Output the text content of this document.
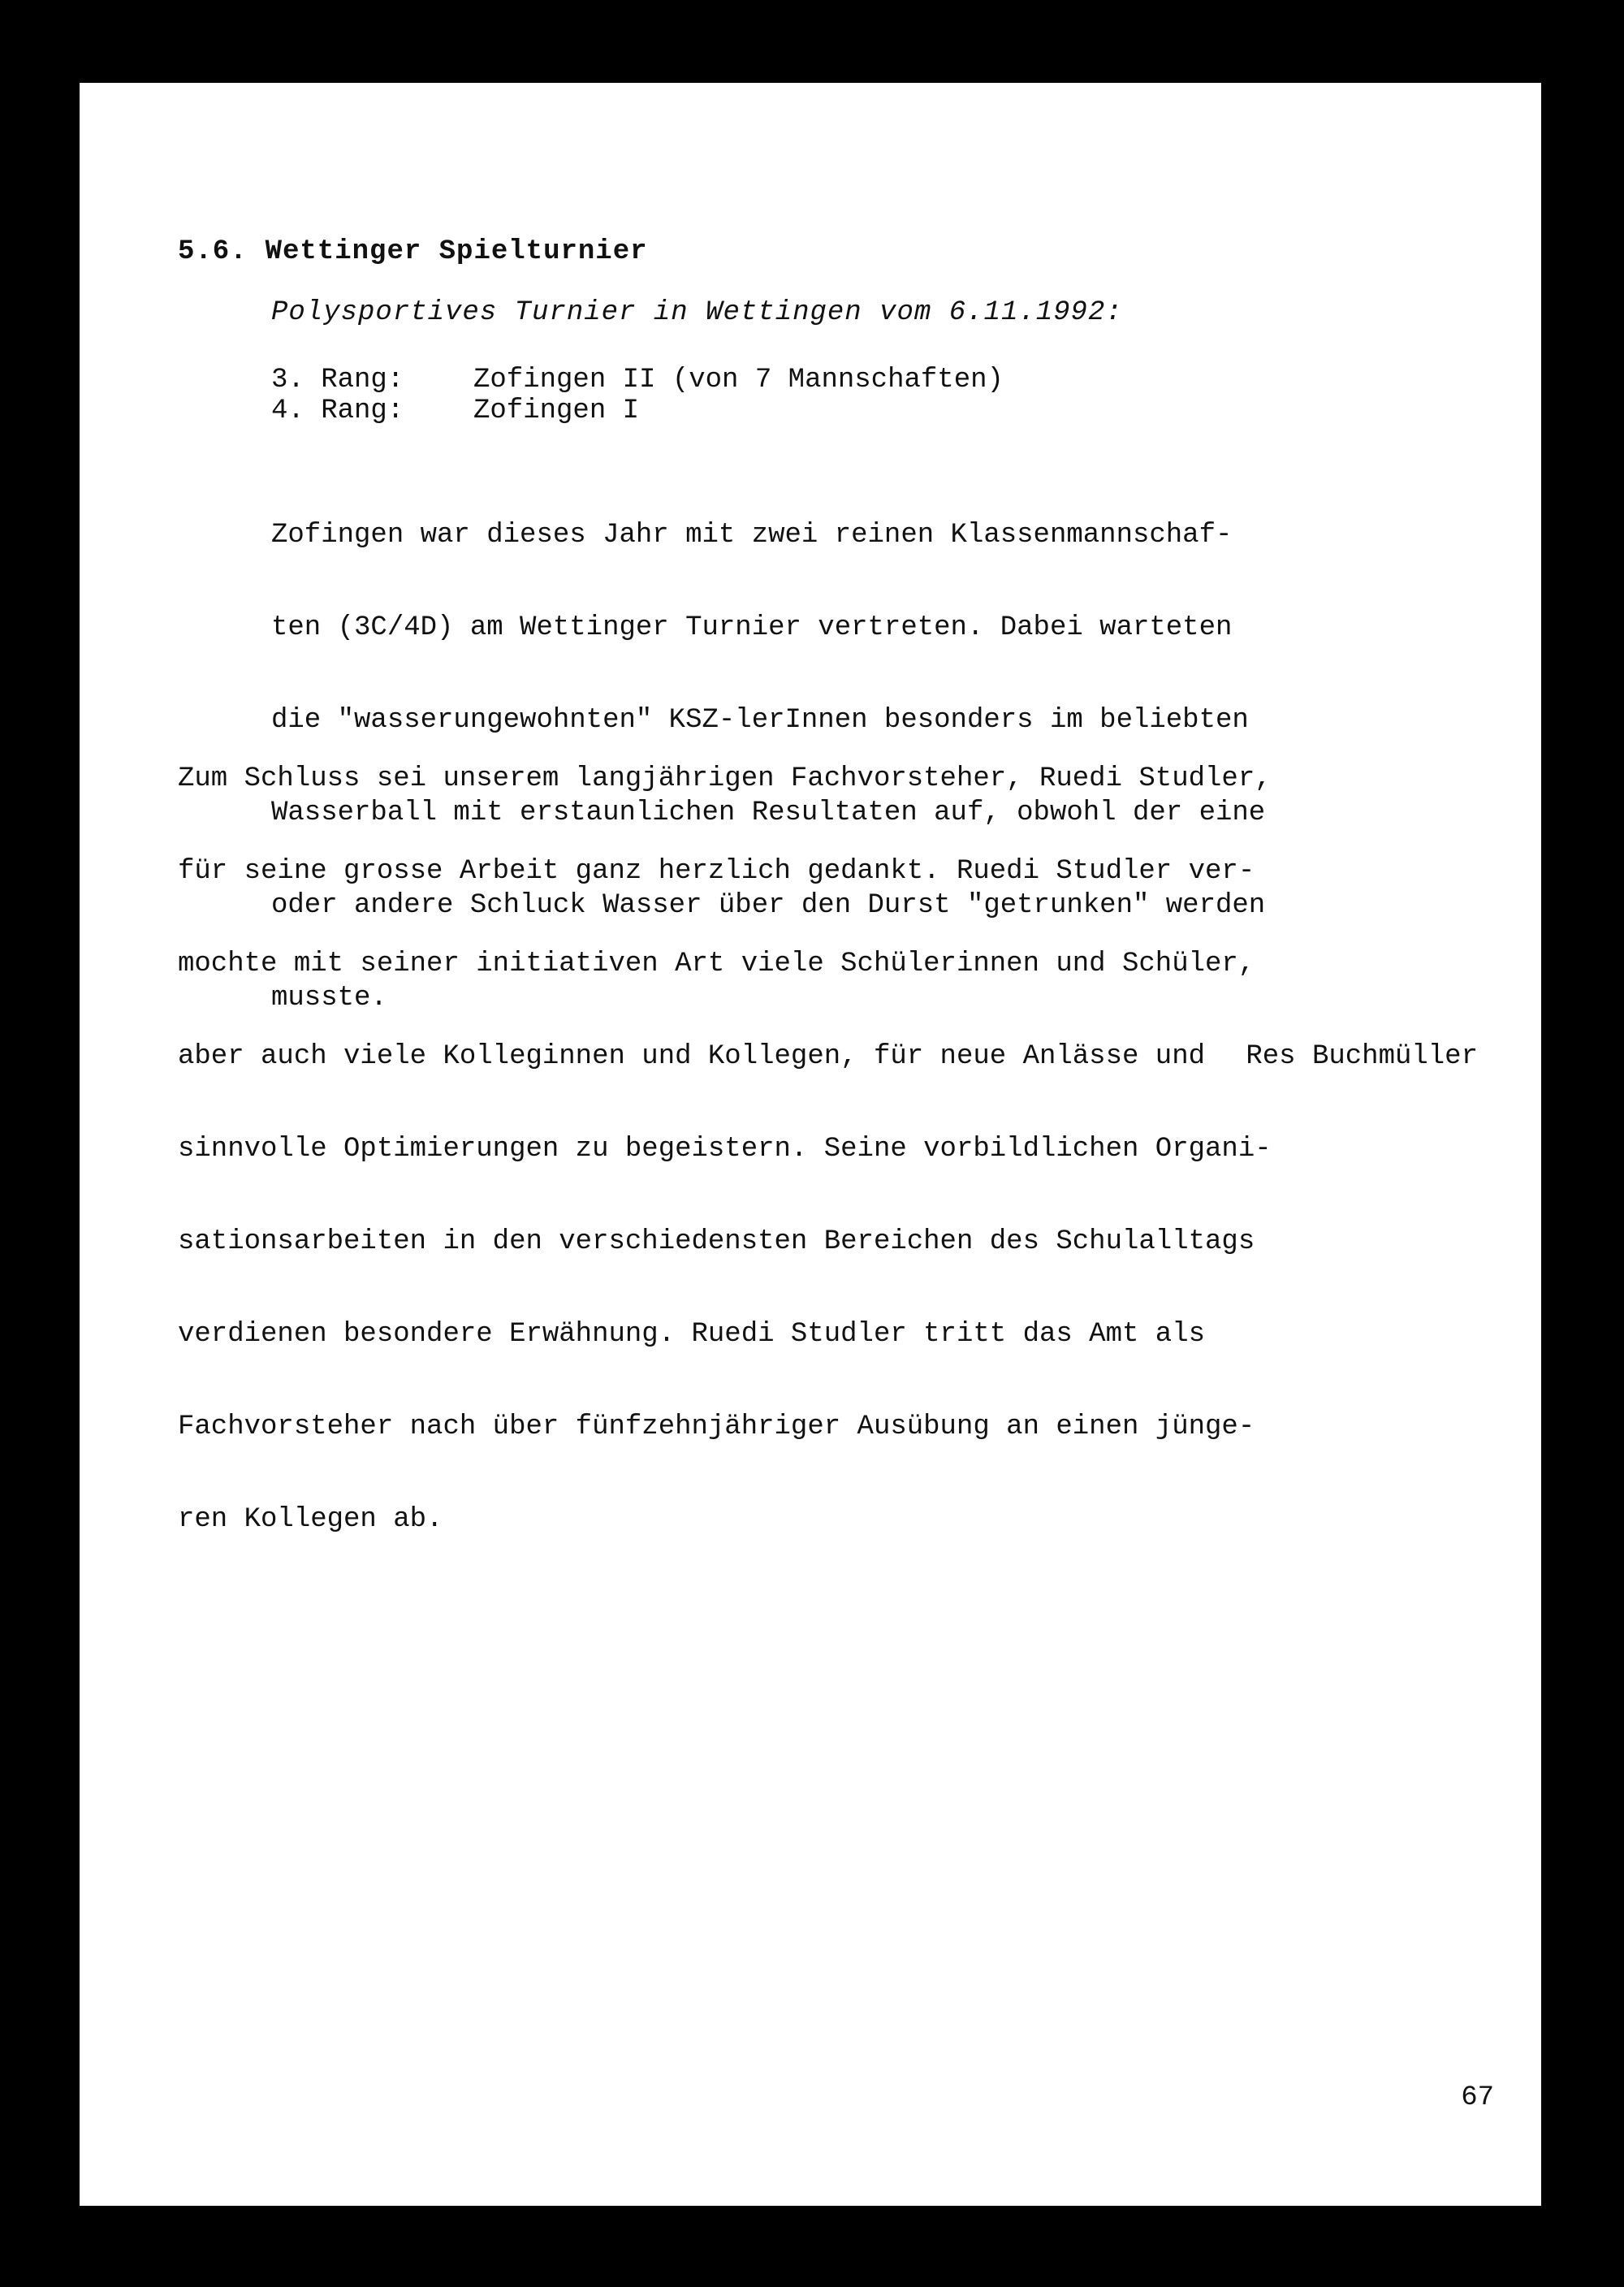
5.6. Wettinger Spielturnier
Polysportives Turnier in Wettingen vom 6.11.1992:
3. Rang:	Zofingen II (von 7 Mannschaften)
4. Rang:	Zofingen I

Zofingen war dieses Jahr mit zwei reinen Klassenmannschaf-

ten (3C/4D) am Wettinger Turnier vertreten. Dabei warteten

die "wasserungewohnten" KSZ-lerInnen besonders im beliebten

Wasserball mit erstaunlichen Resultaten auf, obwohl der eine

oder andere Schluck Wasser über den Durst "getrunken" werden

musste.

Zum Schluss sei unserem langjährigen Fachvorsteher, Ruedi Studler,

für seine grosse Arbeit ganz herzlich gedankt. Ruedi Studler ver-

mochte mit seiner initiativen Art viele Schülerinnen und Schüler,

aber auch viele Kolleginnen und Kollegen, für neue Anlässe und

sinnvolle Optimierungen zu begeistern. Seine vorbildlichen Organi-

sationsarbeiten in den verschiedensten Bereichen des Schulalltags

verdienen besondere Erwähnung. Ruedi Studler tritt das Amt als

Fachvorsteher nach über fünfzehnjähriger Ausübung an einen jünge-

ren Kollegen ab.

Res Buchmüller
67
